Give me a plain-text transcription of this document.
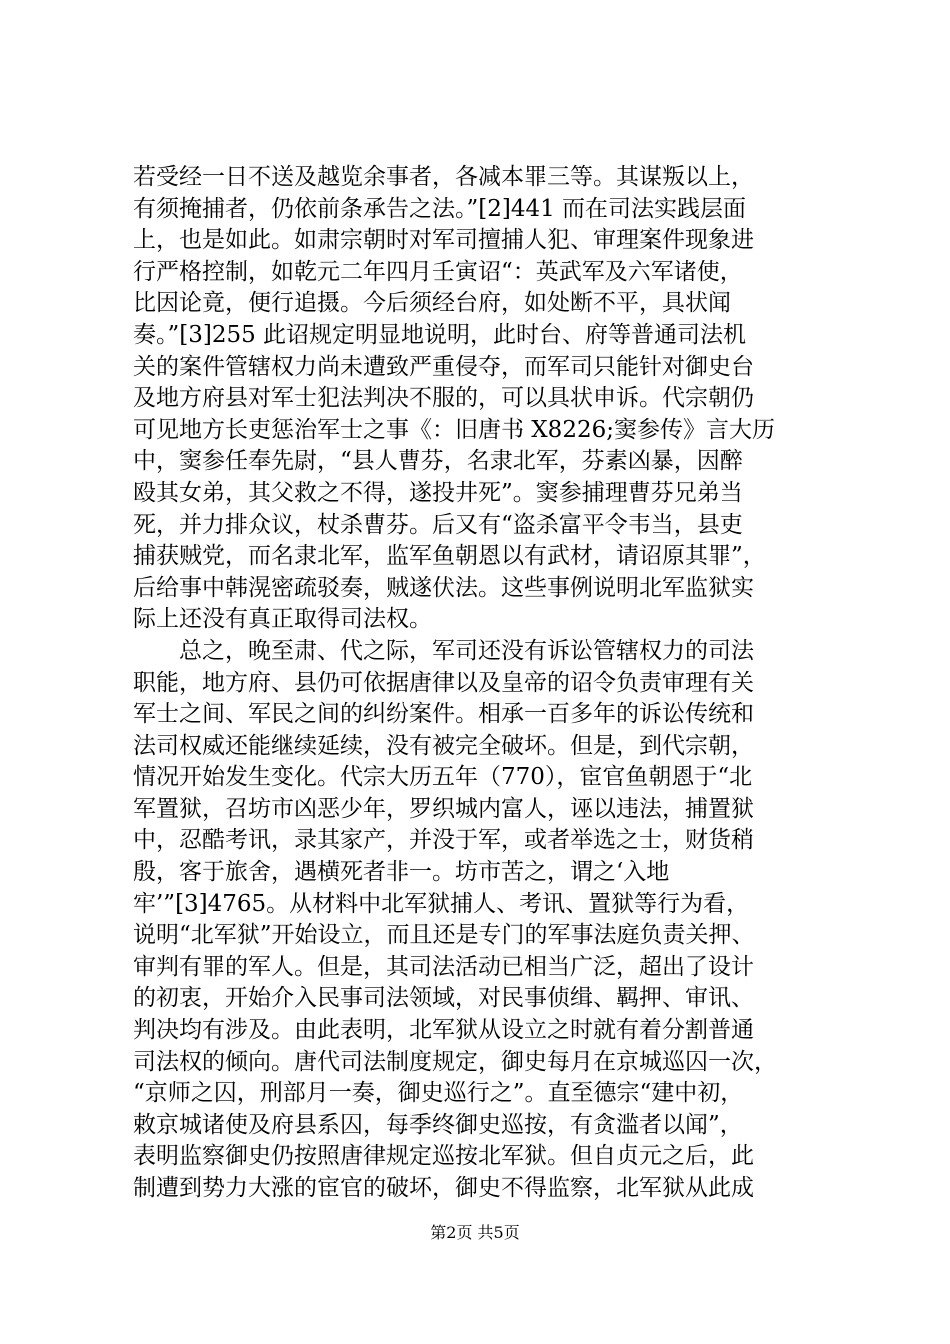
若受经一日不送及越览余事者，各减本罪三等。其谋叛以上，
有须掩捕者，仍依前条承告之法。”[2]441 而在司法实践层面
上，也是如此。如肃宗朝时对军司擅捕人犯、审理案件现象进
行严格控制，如乾元二年四月壬寅诏“：英武军及六军诸使，
比因论竟，便行追摄。今后须经台府，如处断不平，具状闻
奏。”[3]255 此诏规定明显地说明，此时台、府等普通司法机
关的案件管辖权力尚未遭致严重侵夺，而军司只能针对御史台
及地方府县对军士犯法判决不服的，可以具状申诉。代宗朝仍
可见地方长吏惩治军士之事《：旧唐书 X8226;窦参传》言大历
中，窦参任奉先尉，“县人曹芬，名隶北军，芬素凶暴，因醉
殴其女弟，其父救之不得，遂投井死”。窦参捕理曹芬兄弟当
死，并力排众议，杖杀曹芬。后又有“盗杀富平令韦当，县吏
捕获贼党，而名隶北军，监军鱼朝恩以有武材，请诏原其罪”，
后给事中韩滉密疏驳奏，贼遂伏法。这些事例说明北军监狱实
际上还没有真正取得司法权。
总之，晚至肃、代之际，军司还没有诉讼管辖权力的司法
职能，地方府、县仍可依据唐律以及皇帝的诏令负责审理有关
军士之间、军民之间的纠纷案件。相承一百多年的诉讼传统和
法司权威还能继续延续，没有被完全破坏。但是，到代宗朝，
情况开始发生变化。代宗大历五年（770），宦官鱼朝恩于“北
军置狱，召坊市凶恶少年，罗织城内富人，诬以违法，捕置狱
中，忍酷考讯，录其家产，并没于军，或者举选之士，财货稍
殷，客于旅舍，遇横死者非一。坊市苦之，谓之‘入地
牢’”[3]4765。从材料中北军狱捕人、考讯、置狱等行为看，
说明“北军狱”开始设立，而且还是专门的军事法庭负责关押、
审判有罪的军人。但是，其司法活动已相当广泛，超出了设计
的初衷，开始介入民事司法领域，对民事侦缉、羁押、审讯、
判决均有涉及。由此表明，北军狱从设立之时就有着分割普通
司法权的倾向。唐代司法制度规定，御史每月在京城巡囚一次，
“京师之囚，刑部月一奏，御史巡行之”。直至德宗“建中初，
敕京城诸使及府县系囚，每季终御史巡按，有贪滥者以闻”，
表明监察御史仍按照唐律规定巡按北军狱。但自贞元之后，此
制遭到势力大涨的宦官的破坏，御史不得监察，北军狱从此成
第2页 共5页
